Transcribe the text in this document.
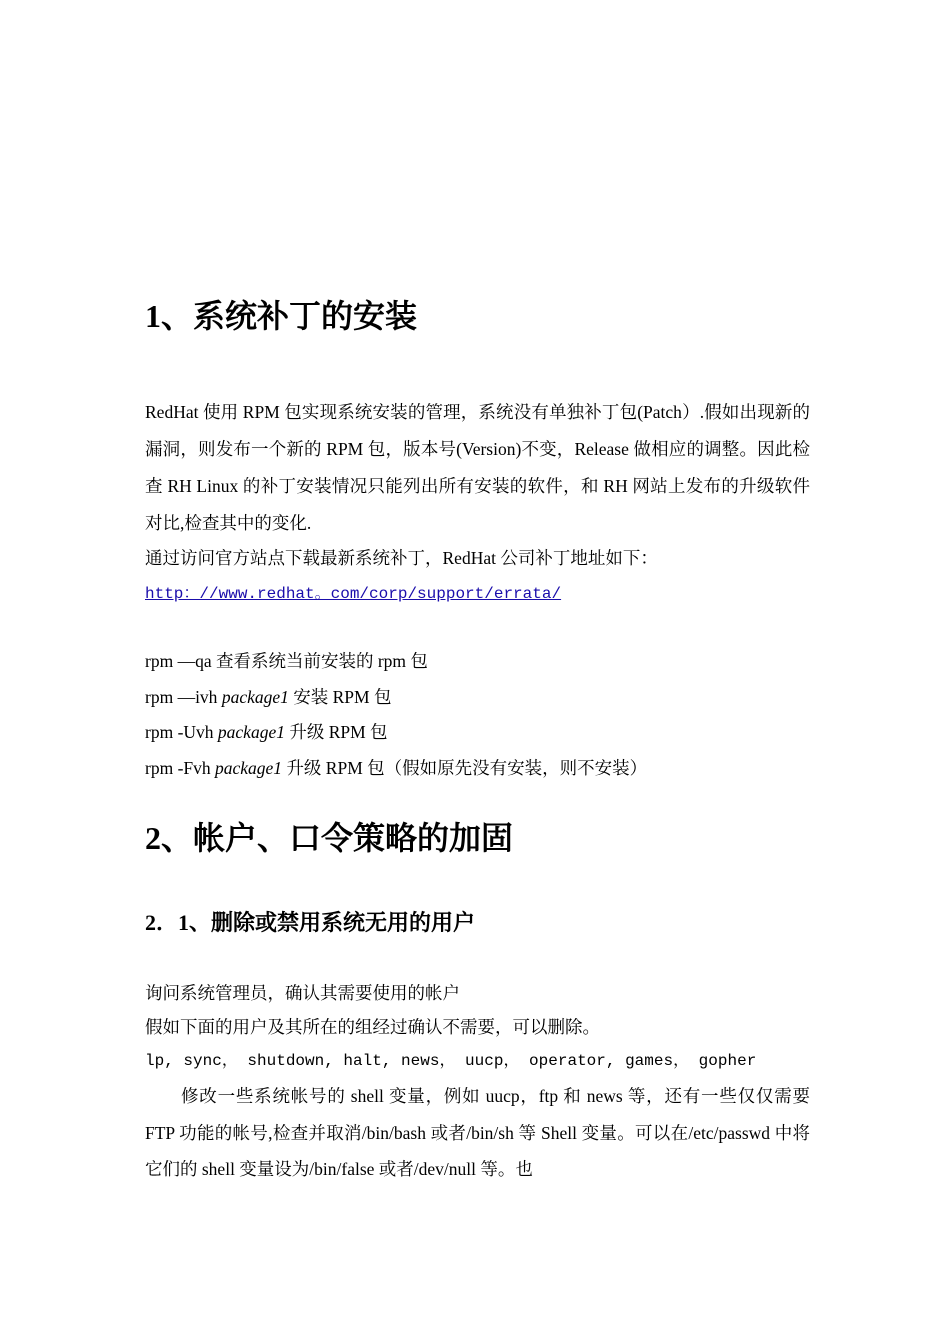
1、系统补丁的安装

RedHat 使用 RPM 包实现系统安装的管理，系统没有单独补丁包(Patch）.假如出现新的漏洞，则发布一个新的 RPM 包，版本号(Version)不变，Release 做相应的调整。因此检查 RH Linux 的补丁安装情况只能列出所有安装的软件，和 RH 网站上发布的升级软件对比,检查其中的变化.

通过访问官方站点下载最新系统补丁，RedHat 公司补丁地址如下：

http：//www.redhat。com/corp/support/errata/

rpm —qa 查看系统当前安装的 rpm 包
rpm —ivh package1 安装 RPM 包
rpm -Uvh package1 升级 RPM 包
rpm -Fvh package1 升级 RPM 包（假如原先没有安装，则不安装）
2、帐户、口令策略的加固
2．1、删除或禁用系统无用的用户

询问系统管理员，确认其需要使用的帐户

假如下面的用户及其所在的组经过确认不需要，可以删除。

lp, sync， shutdown, halt, news， uucp， operator, games， gopher

修改一些系统帐号的 shell 变量，例如 uucp，ftp 和 news 等，还有一些仅仅需要 FTP 功能的帐号,检查并取消/bin/bash 或者/bin/sh 等 Shell 变量。可以在/etc/passwd 中将它们的 shell 变量设为/bin/false 或者/dev/null 等。也
